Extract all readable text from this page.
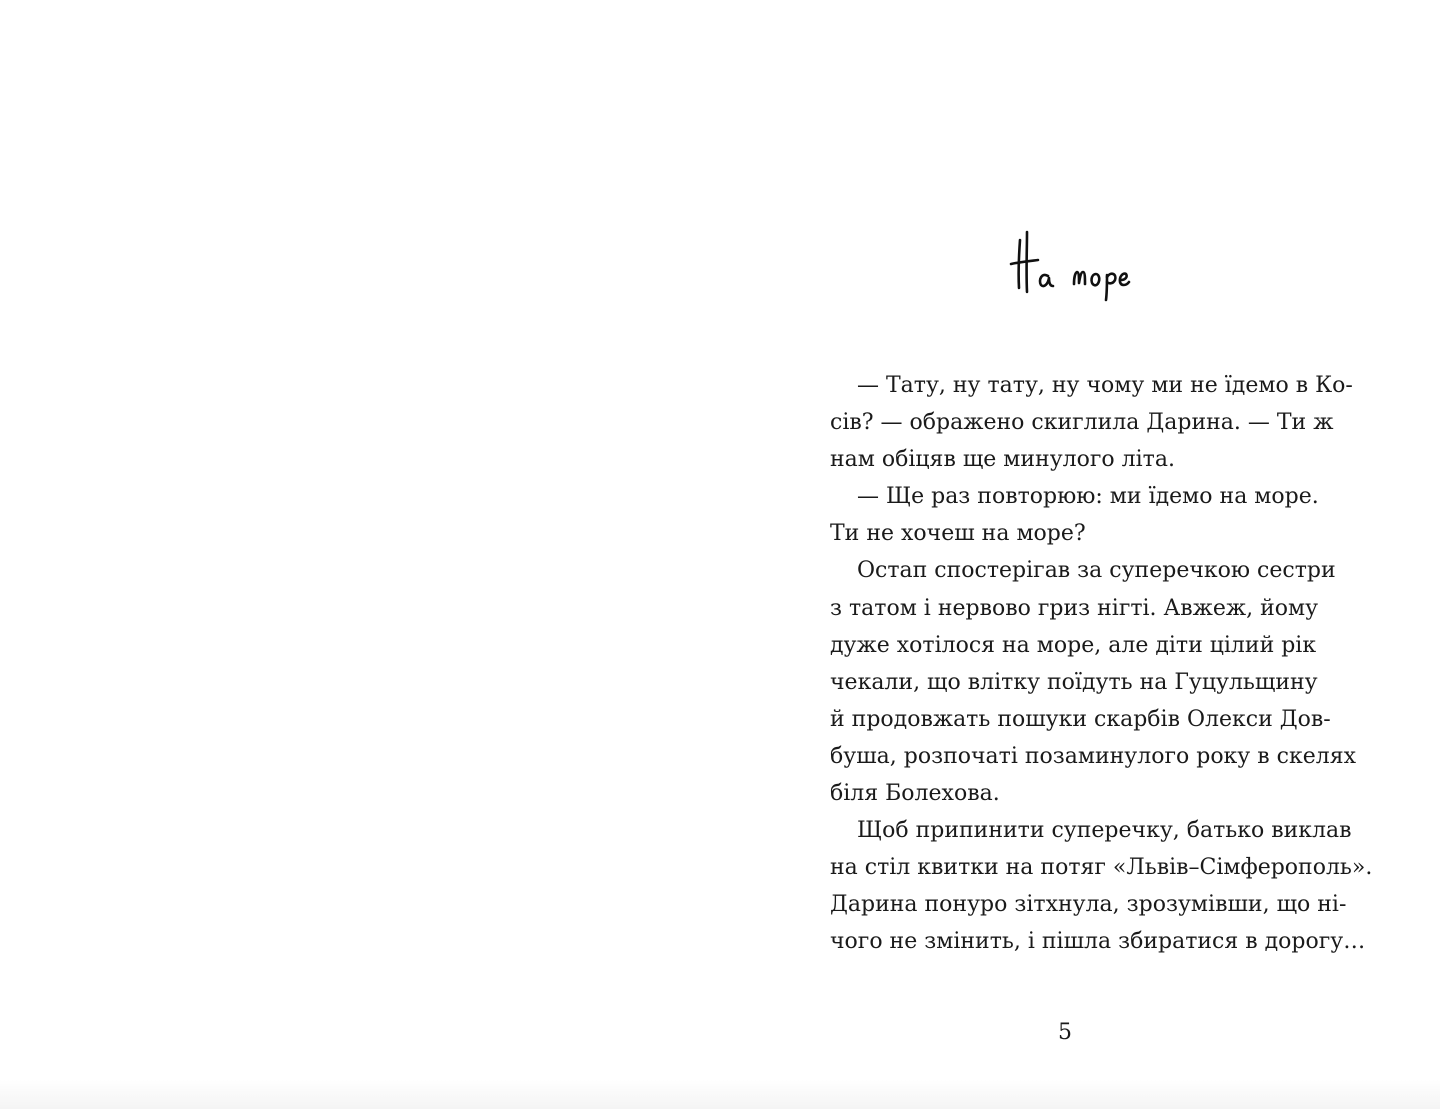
— Тату, ну тату, ну чому ми не їдемо в Ко-
сів? — ображено скиглила Дарина. — Ти ж
нам обіцяв ще минулого літа.
— Ще раз повторюю: ми їдемо на море.
Ти не хочеш на море?
Остап спостерігав за суперечкою сестри
з татом і нервово гриз нігті. Авжеж, йому
дуже хотілося на море, але діти цілий рік
чекали, що влітку поїдуть на Гуцульщину
й продовжать пошуки скарбів Олекси Дов-
буша, розпочаті позаминулого року в скелях
біля Болехова.
Щоб припинити суперечку, батько виклав
на стіл квитки на потяг «Львів–Сімферополь».
Дарина понуро зітхнула, зрозумівши, що ні-
чого не змінить, і пішла збиратися в дорогу…
5
